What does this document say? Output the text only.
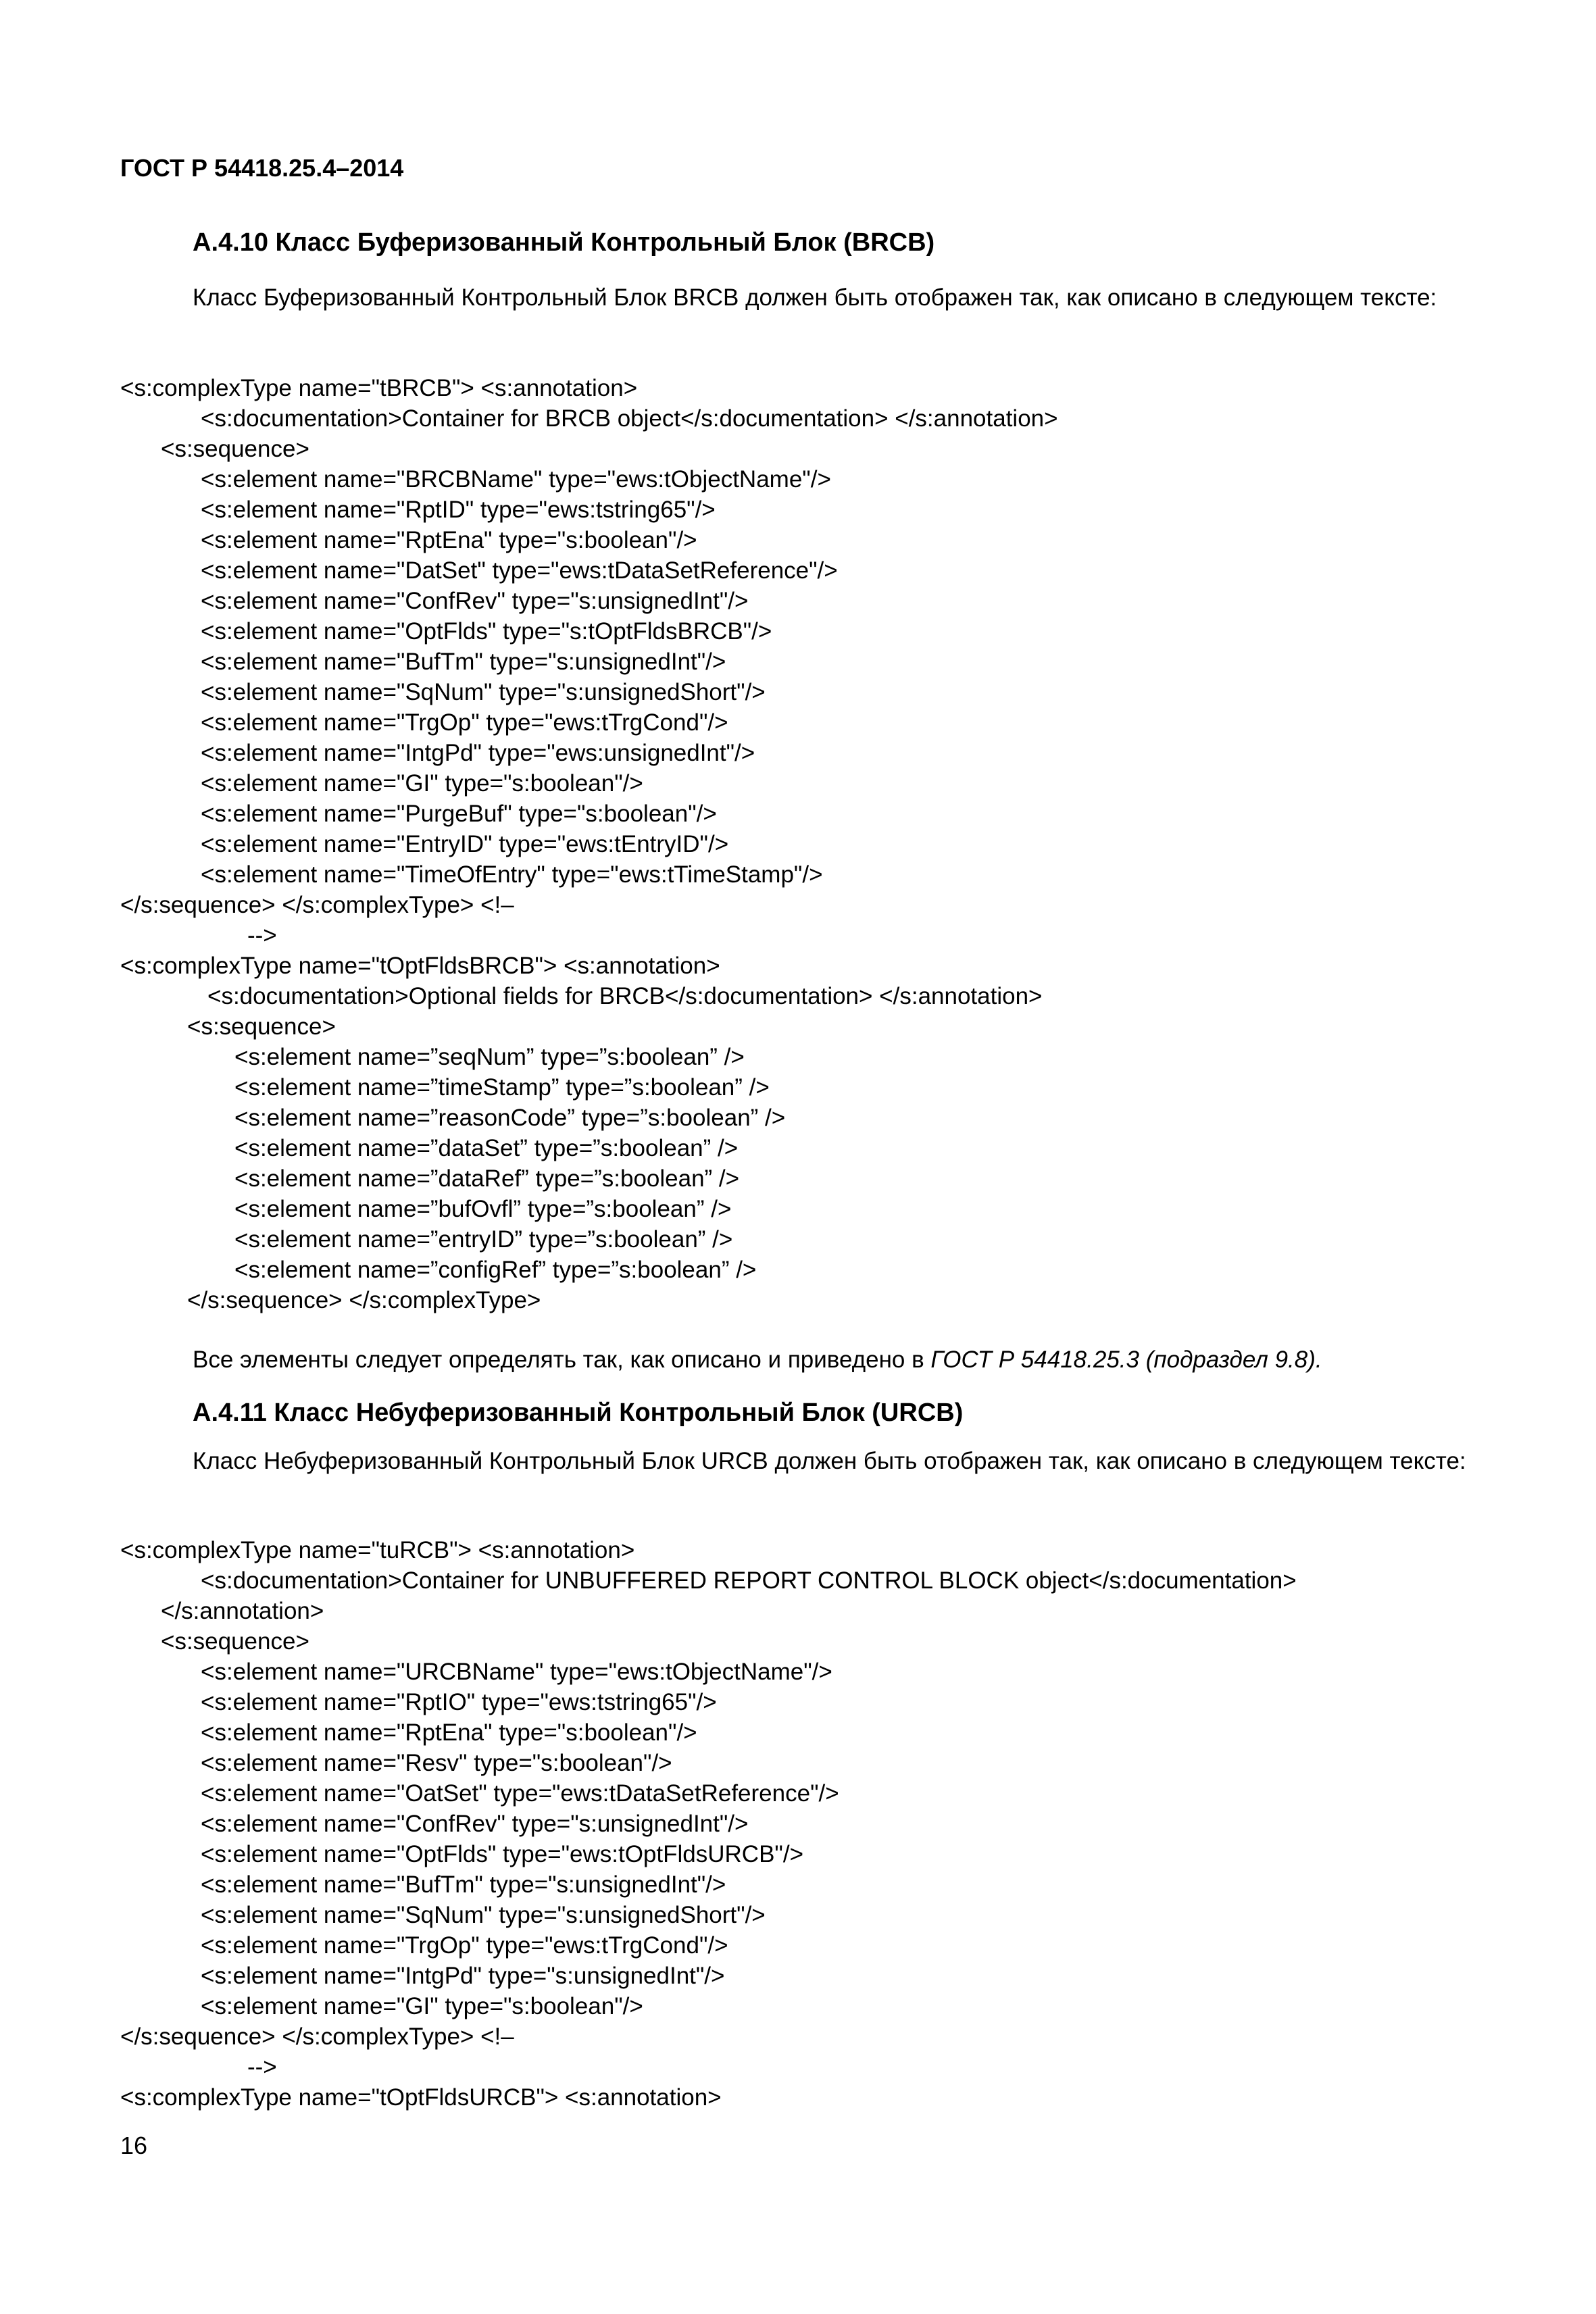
ГОСТ Р 54418.25.4–2014
А.4.10 Класс Буферизованный Контрольный Блок (BRCB)
Класс Буферизованный Контрольный Блок BRCB должен быть отображен так, как описано в следующем тексте:
<s:complexType name="tBRCB"> <s:annotation>
<s:documentation>Container for BRCB object</s:documentation> </s:annotation>
<s:sequence>
<s:element name="BRCBName" type="ews:tObjectName"/>
<s:element name="RptID" type="ews:tstring65"/>
<s:element name="RptEna" type="s:boolean"/>
<s:element name="DatSet" type="ews:tDataSetReference"/>
<s:element name="ConfRev" type="s:unsignedInt"/>
<s:element name="OptFlds" type="s:tOptFldsBRCB"/>
<s:element name="BufTm" type="s:unsignedInt"/>
<s:element name="SqNum" type="s:unsignedShort"/>
<s:element name="TrgOp" type="ews:tTrgCond"/>
<s:element name="IntgPd" type="ews:unsignedInt"/>
<s:element name="GI" type="s:boolean"/>
<s:element name="PurgeBuf" type="s:boolean"/>
<s:element name="EntryID" type="ews:tEntryID"/>
<s:element name="TimeOfEntry" type="ews:tTimeStamp"/>
</s:sequence> </s:complexType> <!–
-->
<s:complexType name="tOptFldsBRCB"> <s:annotation>
<s:documentation>Optional fields for BRCB</s:documentation> </s:annotation>
<s:sequence>
<s:element name=”seqNum” type=”s:boolean” />
<s:element name=”timeStamp” type=”s:boolean” />
<s:element name=”reasonCode” type=”s:boolean” />
<s:element name=”dataSet” type=”s:boolean” />
<s:element name=”dataRef” type=”s:boolean” />
<s:element name=”bufOvfl” type=”s:boolean” />
<s:element name=”entryID” type=”s:boolean” />
<s:element name=”configRef” type=”s:boolean” />
</s:sequence> </s:complexType>
Все элементы следует определять так, как описано и приведено в ГОСТ Р 54418.25.3 (подраздел 9.8).
А.4.11 Класс Небуферизованный Контрольный Блок (URCB)
Класс Небуферизованный Контрольный Блок URCB должен быть отображен так, как описано в следующем тексте:
<s:complexType name="tuRCB"> <s:annotation>
<s:documentation>Container for UNBUFFERED REPORT CONTROL BLOCK object</s:documentation>
</s:annotation>
<s:sequence>
<s:element name="URCBName" type="ews:tObjectName"/>
<s:element name="RptIO" type="ews:tstring65"/>
<s:element name="RptEna" type="s:boolean"/>
<s:element name="Resv" type="s:boolean"/>
<s:element name="OatSet" type="ews:tDataSetReference"/>
<s:element name="ConfRev" type="s:unsignedInt"/>
<s:element name="OptFlds" type="ews:tOptFldsURCB"/>
<s:element name="BufTm" type="s:unsignedInt"/>
<s:element name="SqNum" type="s:unsignedShort"/>
<s:element name="TrgOp" type="ews:tTrgCond"/>
<s:element name="IntgPd" type="s:unsignedInt"/>
<s:element name="GI" type="s:boolean"/>
</s:sequence> </s:complexType> <!–
-->
<s:complexType name="tOptFldsURCB"> <s:annotation>
16
